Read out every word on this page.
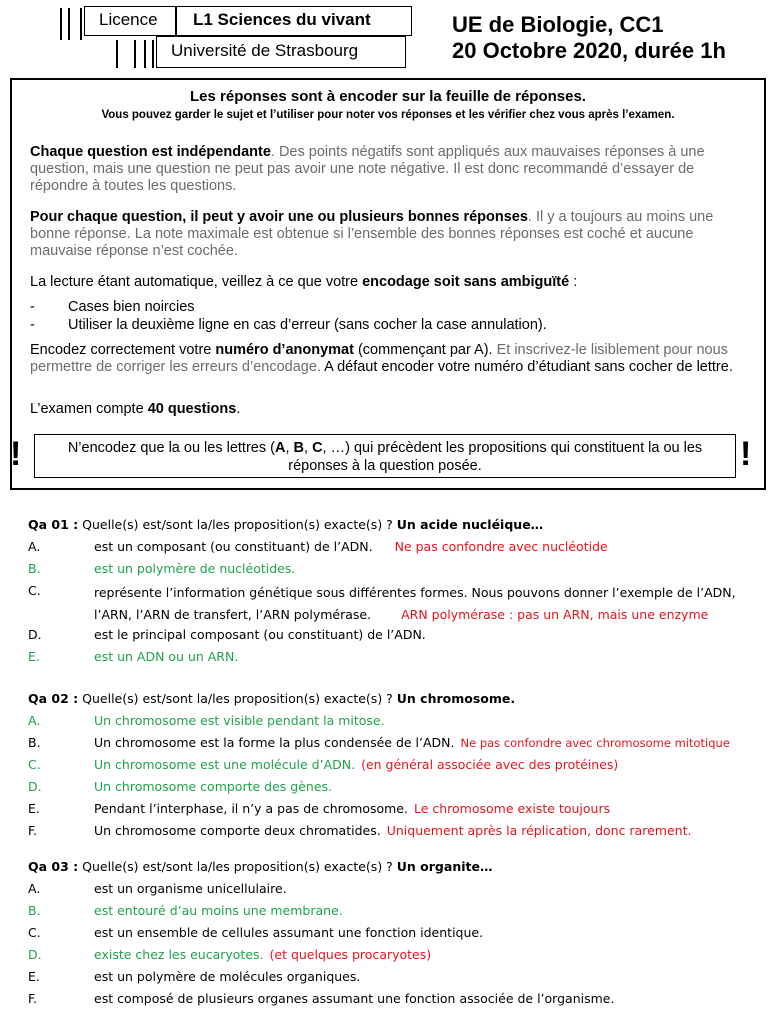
Licence L1 Sciences du vivant
Université de Strasbourg
UE de Biologie, CC1
20 Octobre 2020, durée 1h
Les réponses sont à encoder sur la feuille de réponses.
Vous pouvez garder le sujet et l’utiliser pour noter vos réponses et les vérifier chez vous après l’examen.
Chaque question est indépendante. Des points négatifs sont appliqués aux mauvaises réponses à une question, mais une question ne peut pas avoir une note négative. Il est donc recommandé d’essayer de répondre à toutes les questions.
Pour chaque question, il peut y avoir une ou plusieurs bonnes réponses. Il y a toujours au moins une bonne réponse. La note maximale est obtenue si l’ensemble des bonnes réponses est coché et aucune mauvaise réponse n’est cochée.
La lecture étant automatique, veillez à ce que votre encodage soit sans ambiguïté :
- Cases bien noircies
- Utiliser la deuxième ligne en cas d’erreur (sans cocher la case annulation).
Encodez correctement votre numéro d’anonymat (commençant par A). Et inscrivez-le lisiblement pour nous permettre de corriger les erreurs d’encodage. A défaut encoder votre numéro d’étudiant sans cocher de lettre.
L’examen compte 40 questions.
!	!
N’encodez que la ou les lettres (A, B, C, …) qui précèdent les propositions qui constituent la ou les réponses à la question posée.
Qa 01 : Quelle(s) est/sont la/les proposition(s) exacte(s) ? Un acide nucléique…
A.	est un composant (ou constituant) de l’ADN. Ne pas confondre avec nucléotide
B.	est un polymère de nucléotides.
C.	représente l’information génétique sous différentes formes. Nous pouvons donner l’exemple de l’ADN, l’ARN, l’ARN de transfert, l’ARN polymérase. ARN polymérase : pas un ARN, mais une enzyme
D.	est le principal composant (ou constituant) de l’ADN.
E.	est un ADN ou un ARN.
Qa 02 : Quelle(s) est/sont la/les proposition(s) exacte(s) ? Un chromosome.
A.	Un chromosome est visible pendant la mitose.
B.	Un chromosome est la forme la plus condensée de l’ADN. Ne pas confondre avec chromosome mitotique
C.	Un chromosome est une molécule d’ADN. (en général associée avec des protéines)
D.	Un chromosome comporte des gènes.
E.	Pendant l’interphase, il n’y a pas de chromosome. Le chromosome existe toujours
F.	Un chromosome comporte deux chromatides. Uniquement après la réplication, donc rarement.
Qa 03 : Quelle(s) est/sont la/les proposition(s) exacte(s) ? Un organite…
A.	est un organisme unicellulaire.
B.	est entouré d’au moins une membrane.
C.	est un ensemble de cellules assumant une fonction identique.
D.	existe chez les eucaryotes. (et quelques procaryotes)
E.	est un polymère de molécules organiques.
F.	est composé de plusieurs organes assumant une fonction associée de l’organisme.
